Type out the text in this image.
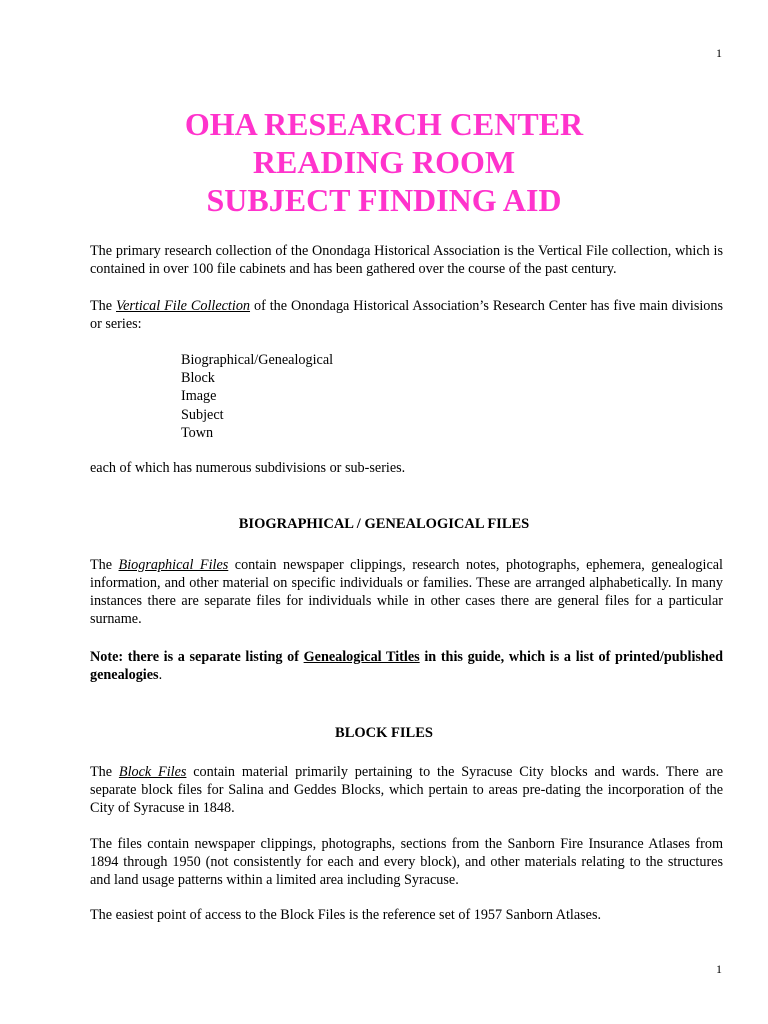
1
OHA RESEARCH CENTER
READING ROOM
SUBJECT FINDING AID

The primary research collection of the Onondaga Historical Association is the Vertical File collection, which is contained in over 100 file cabinets and has been gathered over the course of the past century.

The Vertical File Collection of the Onondaga Historical Association’s Research Center has five main divisions or series:

Biographical/Genealogical
Block
Image
Subject
Town

each of which has numerous subdivisions or sub-series.

BIOGRAPHICAL / GENEALOGICAL FILES

The Biographical Files contain newspaper clippings, research notes, photographs, ephemera, genealogical information, and other material on specific individuals or families. These are arranged alphabetically. In many instances there are separate files for individuals while in other cases there are general files for a particular surname.

Note: there is a separate listing of Genealogical Titles in this guide, which is a list of printed/published genealogies.

BLOCK FILES

The Block Files contain material primarily pertaining to the Syracuse City blocks and wards. There are separate block files for Salina and Geddes Blocks, which pertain to areas pre-dating the incorporation of the City of Syracuse in 1848.

The files contain newspaper clippings, photographs, sections from the Sanborn Fire Insurance Atlases from 1894 through 1950 (not consistently for each and every block), and other materials relating to the structures and land usage patterns within a limited area including Syracuse.

The easiest point of access to the Block Files is the reference set of 1957 Sanborn Atlases.

1
